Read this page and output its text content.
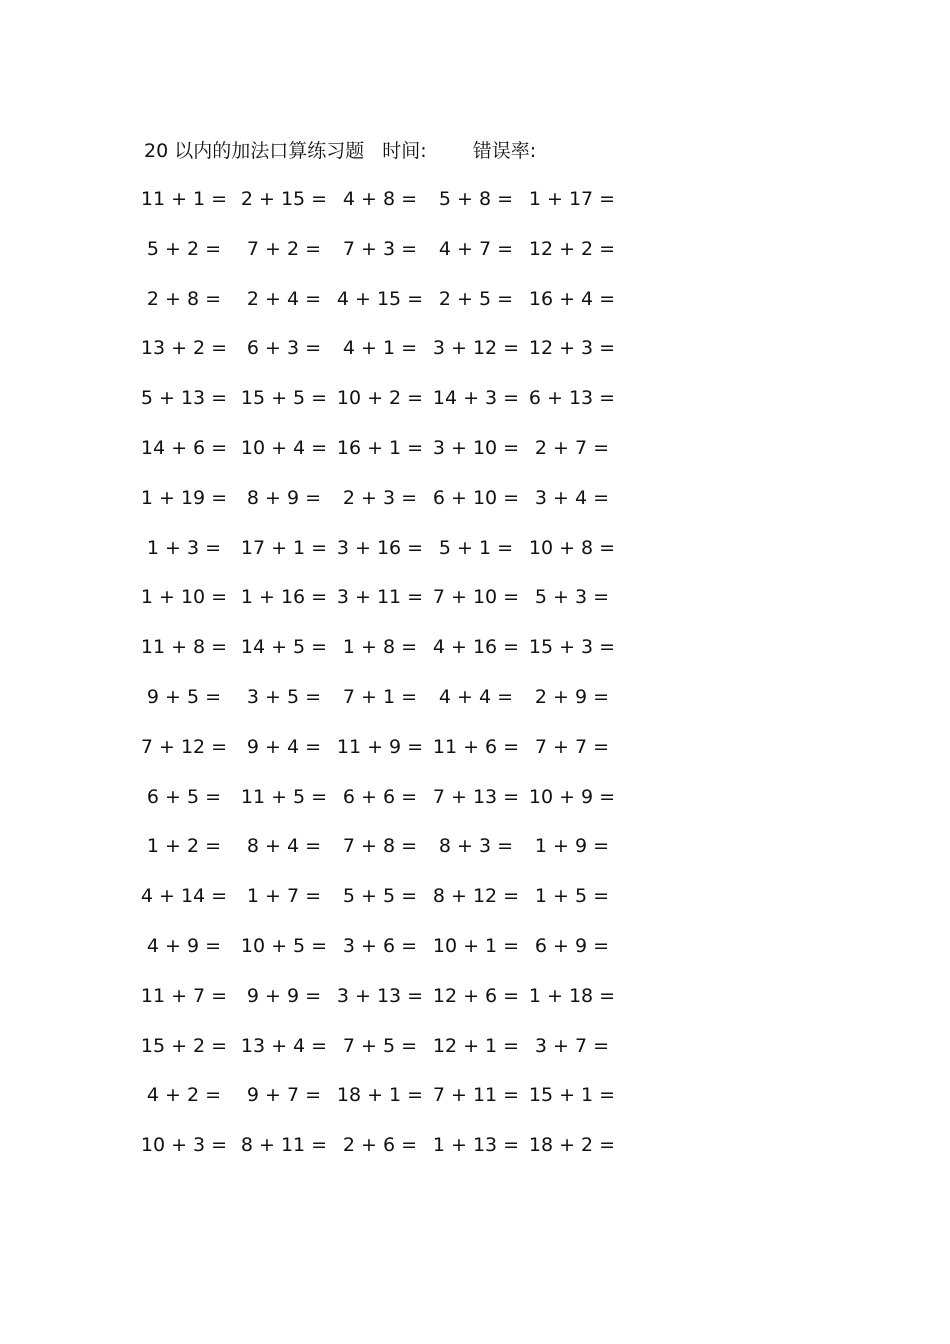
20 以内的加法口算练习题 时间: 错误率:
11 + 1 = 2 + 15 = 4 + 8 = 5 + 8 = 1 + 17 =
5 + 2 = 7 + 2 = 7 + 3 = 4 + 7 = 12 + 2 =
2 + 8 = 2 + 4 = 4 + 15 = 2 + 5 = 16 + 4 =
13 + 2 = 6 + 3 = 4 + 1 = 3 + 12 = 12 + 3 =
5 + 13 = 15 + 5 = 10 + 2 = 14 + 3 = 6 + 13 =
14 + 6 = 10 + 4 = 16 + 1 = 3 + 10 = 2 + 7 =
1 + 19 = 8 + 9 = 2 + 3 = 6 + 10 = 3 + 4 =
1 + 3 = 17 + 1 = 3 + 16 = 5 + 1 = 10 + 8 =
1 + 10 = 1 + 16 = 3 + 11 = 7 + 10 = 5 + 3 =
11 + 8 = 14 + 5 = 1 + 8 = 4 + 16 = 15 + 3 =
9 + 5 = 3 + 5 = 7 + 1 = 4 + 4 = 2 + 9 =
7 + 12 = 9 + 4 = 11 + 9 = 11 + 6 = 7 + 7 =
6 + 5 = 11 + 5 = 6 + 6 = 7 + 13 = 10 + 9 =
1 + 2 = 8 + 4 = 7 + 8 = 8 + 3 = 1 + 9 =
4 + 14 = 1 + 7 = 5 + 5 = 8 + 12 = 1 + 5 =
4 + 9 = 10 + 5 = 3 + 6 = 10 + 1 = 6 + 9 =
11 + 7 = 9 + 9 = 3 + 13 = 12 + 6 = 1 + 18 =
15 + 2 = 13 + 4 = 7 + 5 = 12 + 1 = 3 + 7 =
4 + 2 = 9 + 7 = 18 + 1 = 7 + 11 = 15 + 1 =
10 + 3 = 8 + 11 = 2 + 6 = 1 + 13 = 18 + 2 =
